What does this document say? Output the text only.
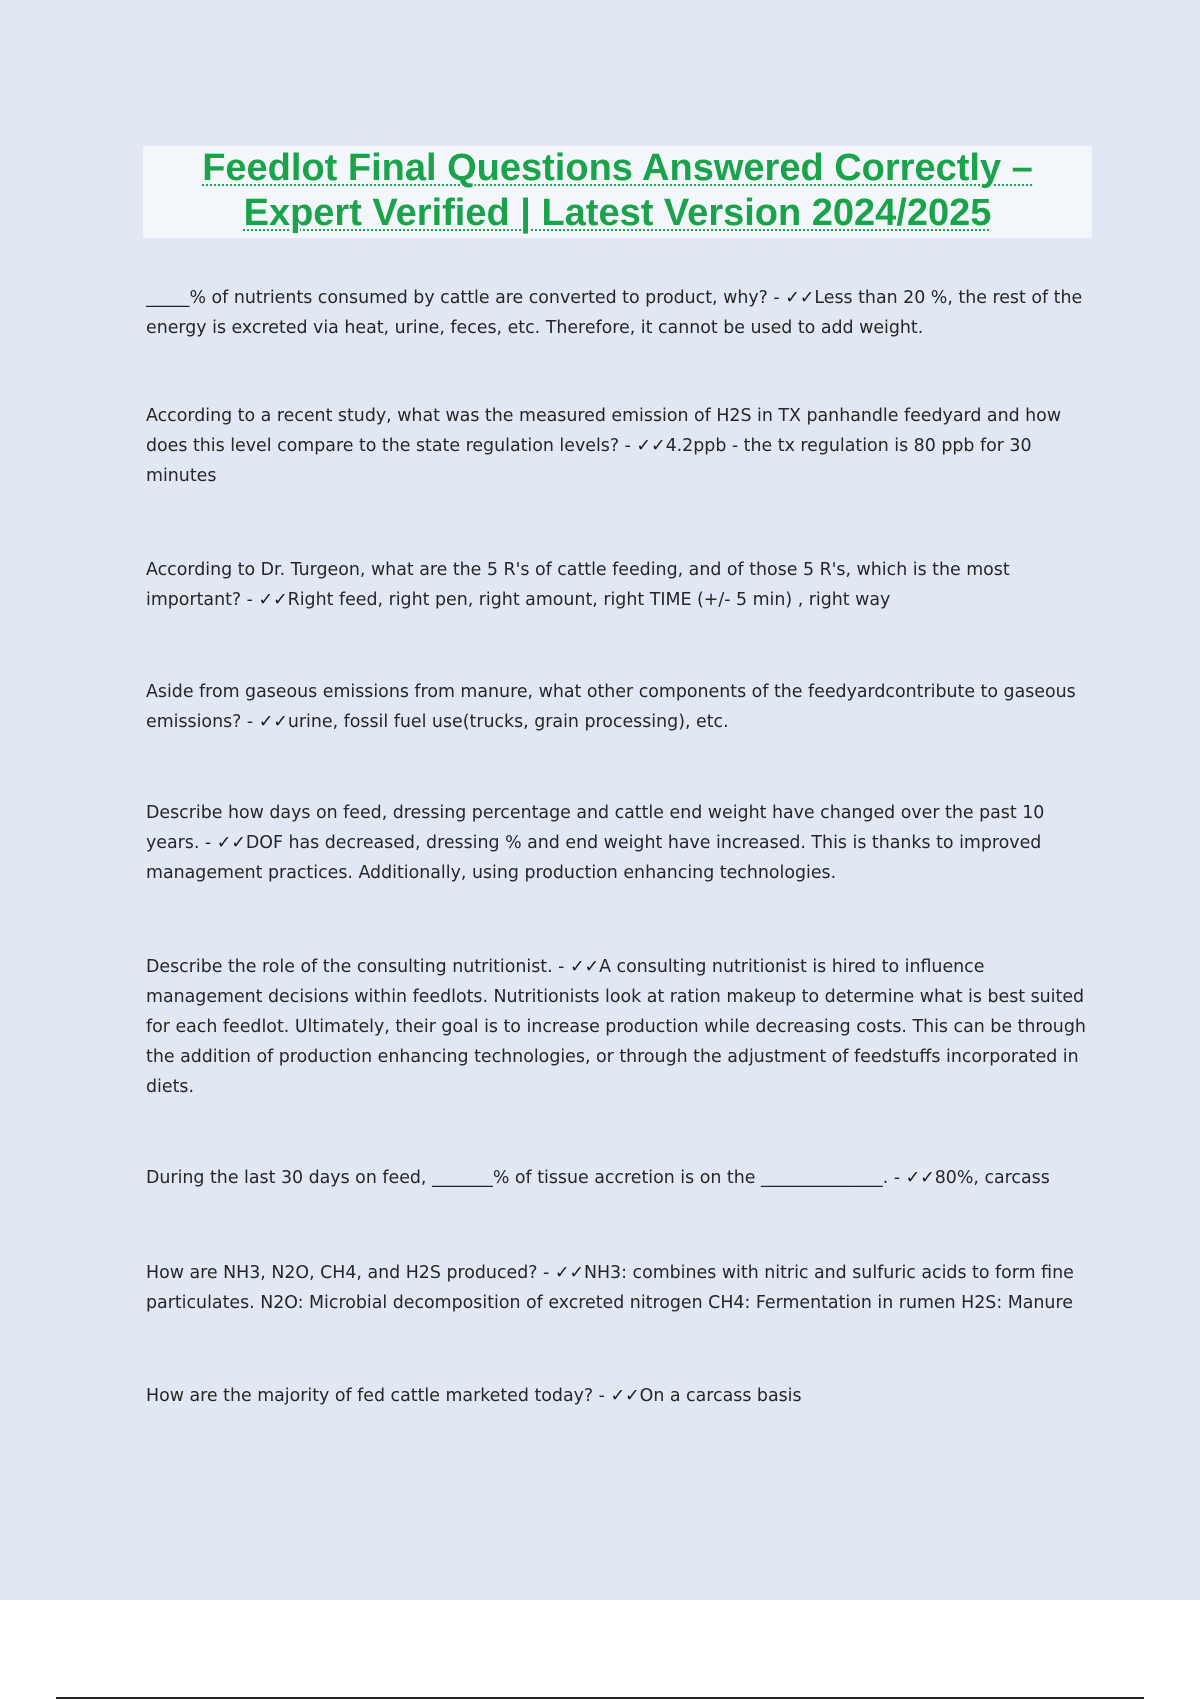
Feedlot Final Questions Answered Correctly –
Expert Verified | Latest Version 2024/2025

_____% of nutrients consumed by cattle are converted to product, why? - ✓✓Less than 20 %, the rest of the energy is excreted via heat, urine, feces, etc. Therefore, it cannot be used to add weight.

According to a recent study, what was the measured emission of H2S in TX panhandle feedyard and how does this level compare to the state regulation levels? - ✓✓4.2ppb - the tx regulation is 80 ppb for 30 minutes

According to Dr. Turgeon, what are the 5 R's of cattle feeding, and of those 5 R's, which is the most important? - ✓✓Right feed, right pen, right amount, right TIME (+/- 5 min) , right way

Aside from gaseous emissions from manure, what other components of the feedyardcontribute to gaseous emissions? - ✓✓urine, fossil fuel use(trucks, grain processing), etc.

Describe how days on feed, dressing percentage and cattle end weight have changed over the past 10 years. - ✓✓DOF has decreased, dressing % and end weight have increased. This is thanks to improved management practices. Additionally, using production enhancing technologies.

Describe the role of the consulting nutritionist. - ✓✓A consulting nutritionist is hired to influence management decisions within feedlots. Nutritionists look at ration makeup to determine what is best suited for each feedlot. Ultimately, their goal is to increase production while decreasing costs. This can be through the addition of production enhancing technologies, or through the adjustment of feedstuffs incorporated in diets.

During the last 30 days on feed, _______% of tissue accretion is on the ______________. - ✓✓80%, carcass

How are NH3, N2O, CH4, and H2S produced? - ✓✓NH3: combines with nitric and sulfuric acids to form fine particulates. N2O: Microbial decomposition of excreted nitrogen CH4: Fermentation in rumen H2S: Manure

How are the majority of fed cattle marketed today? - ✓✓On a carcass basis
